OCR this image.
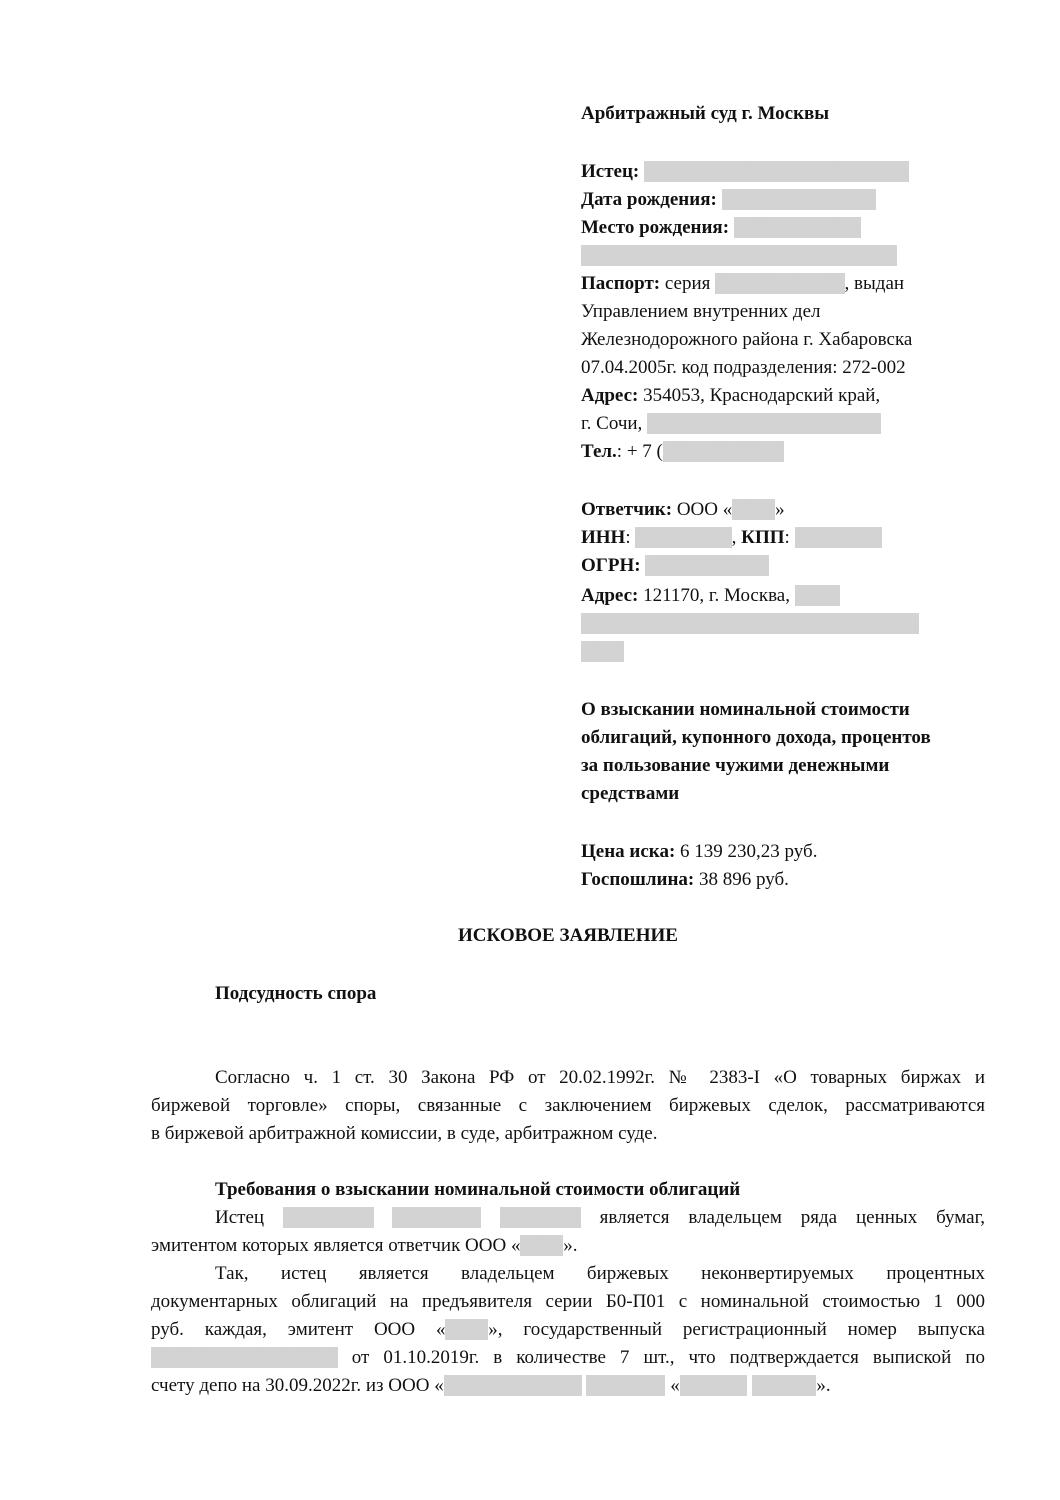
Арбитражный суд г. Москвы
Истец: Бородихин Александр Павлович
Дата рождения: 05 марта 1960 года
Место рождения: с. Большие Уки
Большеуковского р-на Омской области
Паспорт: серия 08 04 № 434633, выдан
Управлением внутренних дел
Железнодорожного района г. Хабаровска
07.04.2005г. код подразделения: 272-002
Адрес: 354053, Краснодарский край,
г. Сочи, ул. Крымская, д. 25 А, кв. 40
Тел.: + 7 (988) 158-67-45
Ответчик: ООО «Эбис»
ИНН: 5050116514, КПП: 773001001
ОГРН: 1155050001149
Адрес: 121170, г. Москва, пр-кт
Кутузовский, д. 36, стр. 7, э 1, пом. I, к. 9,
оф. 5
О взыскании номинальной стоимости
облигаций, купонного дохода, процентов
за пользование чужими денежными
средствами
Цена иска: 6 139 230,23 руб.
Госпошлина: 38 896 руб.
ИСКОВОЕ ЗАЯВЛЕНИЕ
Подсудность спора
Согласно ч. 1 ст. 30 Закона РФ от 20.02.1992г. № 2383-I «О товарных биржах и
биржевой торговле» споры, связанные с заключением биржевых сделок, рассматриваются
в биржевой арбитражной комиссии, в суде, арбитражном суде.
Требования о взыскании номинальной стоимости облигаций
Истец Бородихин Александр Павлович является владельцем ряда ценных бумаг,
эмитентом которых является ответчик ООО «Эбис».
Так, истец является владельцем биржевых неконвертируемых процентных
документарных облигаций на предъявителя серии Б0-П01 с номинальной стоимостью 1 000
руб. каждая, эмитент ООО «Эбис», государственный регистрационный номер выпуска
4В02-01-00360-R-001P от 01.10.2019г. в количестве 7 шт., что подтверждается выпиской по
счету депо на 30.09.2022г. из ООО «Инвестиционная компания «Фридом Финанс».
